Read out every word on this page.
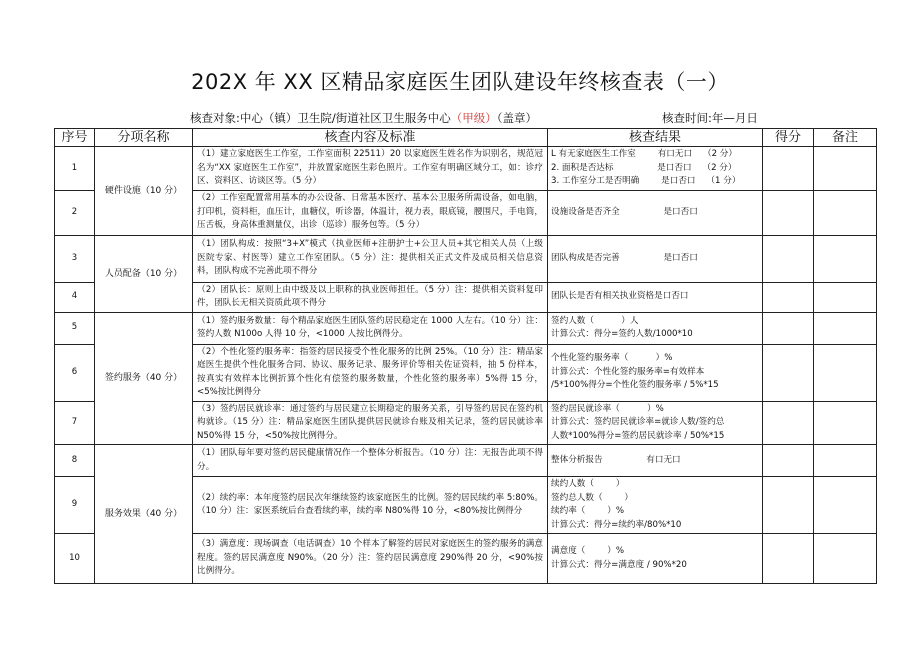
202X 年 XX 区精品家庭医生团队建设年终核查表（一）
核查对象:中心（镇）卫生院/街道社区卫生服务中心（甲级）（盖章）	核查时间:年—月日
序号	分项名称	核查内容及标准	核查结果	得分	备注
1	硬件设施（10 分）	（1）建立家庭医生工作室，工作室面积 22511）20 以家庭医生姓名作为识别名，规范冠名为“XX 家庭医生工作室”，并放置家庭医生彩色照片。工作室有明确区域分工，如：诊疗区、资料区、访谈区等。（5 分）	L 有无家庭医生工作室        有口无口    （2 分）
2. 面积是否达标                是口否口    （2 分）
3. 工作室分工是否明确        是口否口    （1 分）		

2		（2）工作室配置常用基本的办公设备、日常基本医疗、基本公卫服务所需设备，如电脑，打印机，资料柜，血压计，血糖仪，听诊器，体温计，视力表，眼底镜，腰围尺，手电筒，压舌板，身高体重测量仪，出诊（巡诊）服务包等。（5 分）	设施设备是否齐全                是口否口		

3	人员配备（10 分）	（1）团队构成：按照“3+X”模式（执业医师+注册护士+公卫人员+其它相关人员（上级医院专家、村医等）建立工作室团队。（5 分）注：提供相关正式文件及成员相关信息资料，团队构成不完善此项不得分	团队构成是否完善                是口否口		

4		（2）团队长：原则上由中级及以上职称的执业医师担任。（5 分）注：提供相关资料复印件，团队长无相关资质此项不得分	团队长是否有相关执业资格是口否口		

5	签约服务（40 分）	（1）签约服务数量：每个精品家庭医生团队签约居民稳定在 1000 人左右。（10 分）注：签约人数 N100o 人得 10 分，<1000 人按比例得分。	签约人数（          ）人
计算公式：得分=签约人数/1000*10		

6		（2）个性化签约服务率：指签约居民接受个性化服务的比例 25%。（10 分）注：精品家庭医生提供个性化服务合同、协议、服务记录、服务评价等相关佐证资料，抽 5 份样本，按真实有效样本比例折算个性化有偿签约服务数量，个性化签约服务率）5%得 15 分，<5%按比例得分	个性化签约服务率（          ）%
计算公式：个性化签约服务率=有效样本
/5*100%得分=个性化签约服务率 / 5%*15		

7		（3）签约居民就诊率：通过签约与居民建立长期稳定的服务关系，引导签约居民在签约机构就诊。（15 分）注：精品家庭医生团队提供居民就诊台账及相关记录，签约居民就诊率 N50%得 15 分，<50%按比例得分。	签约居民就诊率（          ）%
计算公式：签约居民就诊率=就诊人数/签约总
人数*100%得分=签约居民就诊率 / 50%*15		

8	服务效果（40 分）	（1）团队每年要对签约居民健康情况作一个整体分析报告。（10 分）注：无报告此项不得分。	整体分析报告                有口无口		

9		（2）续约率：本年度签约居民次年继续签约该家庭医生的比例。签约居民续约率 5:80%。（10 分）注：家医系统后台查看续约率，续约率 N80%得 10 分，<80%按比例得分	续约人数（        ）
签约总人数（        ）
续约率（        ）%
计算公式：得分=续约率/80%*10		

10		（3）满意度：现场调查（电话调查）10 个样本了解签约居民对家庭医生的签约服务的满意程度。签约居民满意度 N90%。（20 分）注：签约居民满意度 290%得 20 分，<90%按比例得分。	满意度（        ）%
计算公式：得分=满意度 / 90%*20		
